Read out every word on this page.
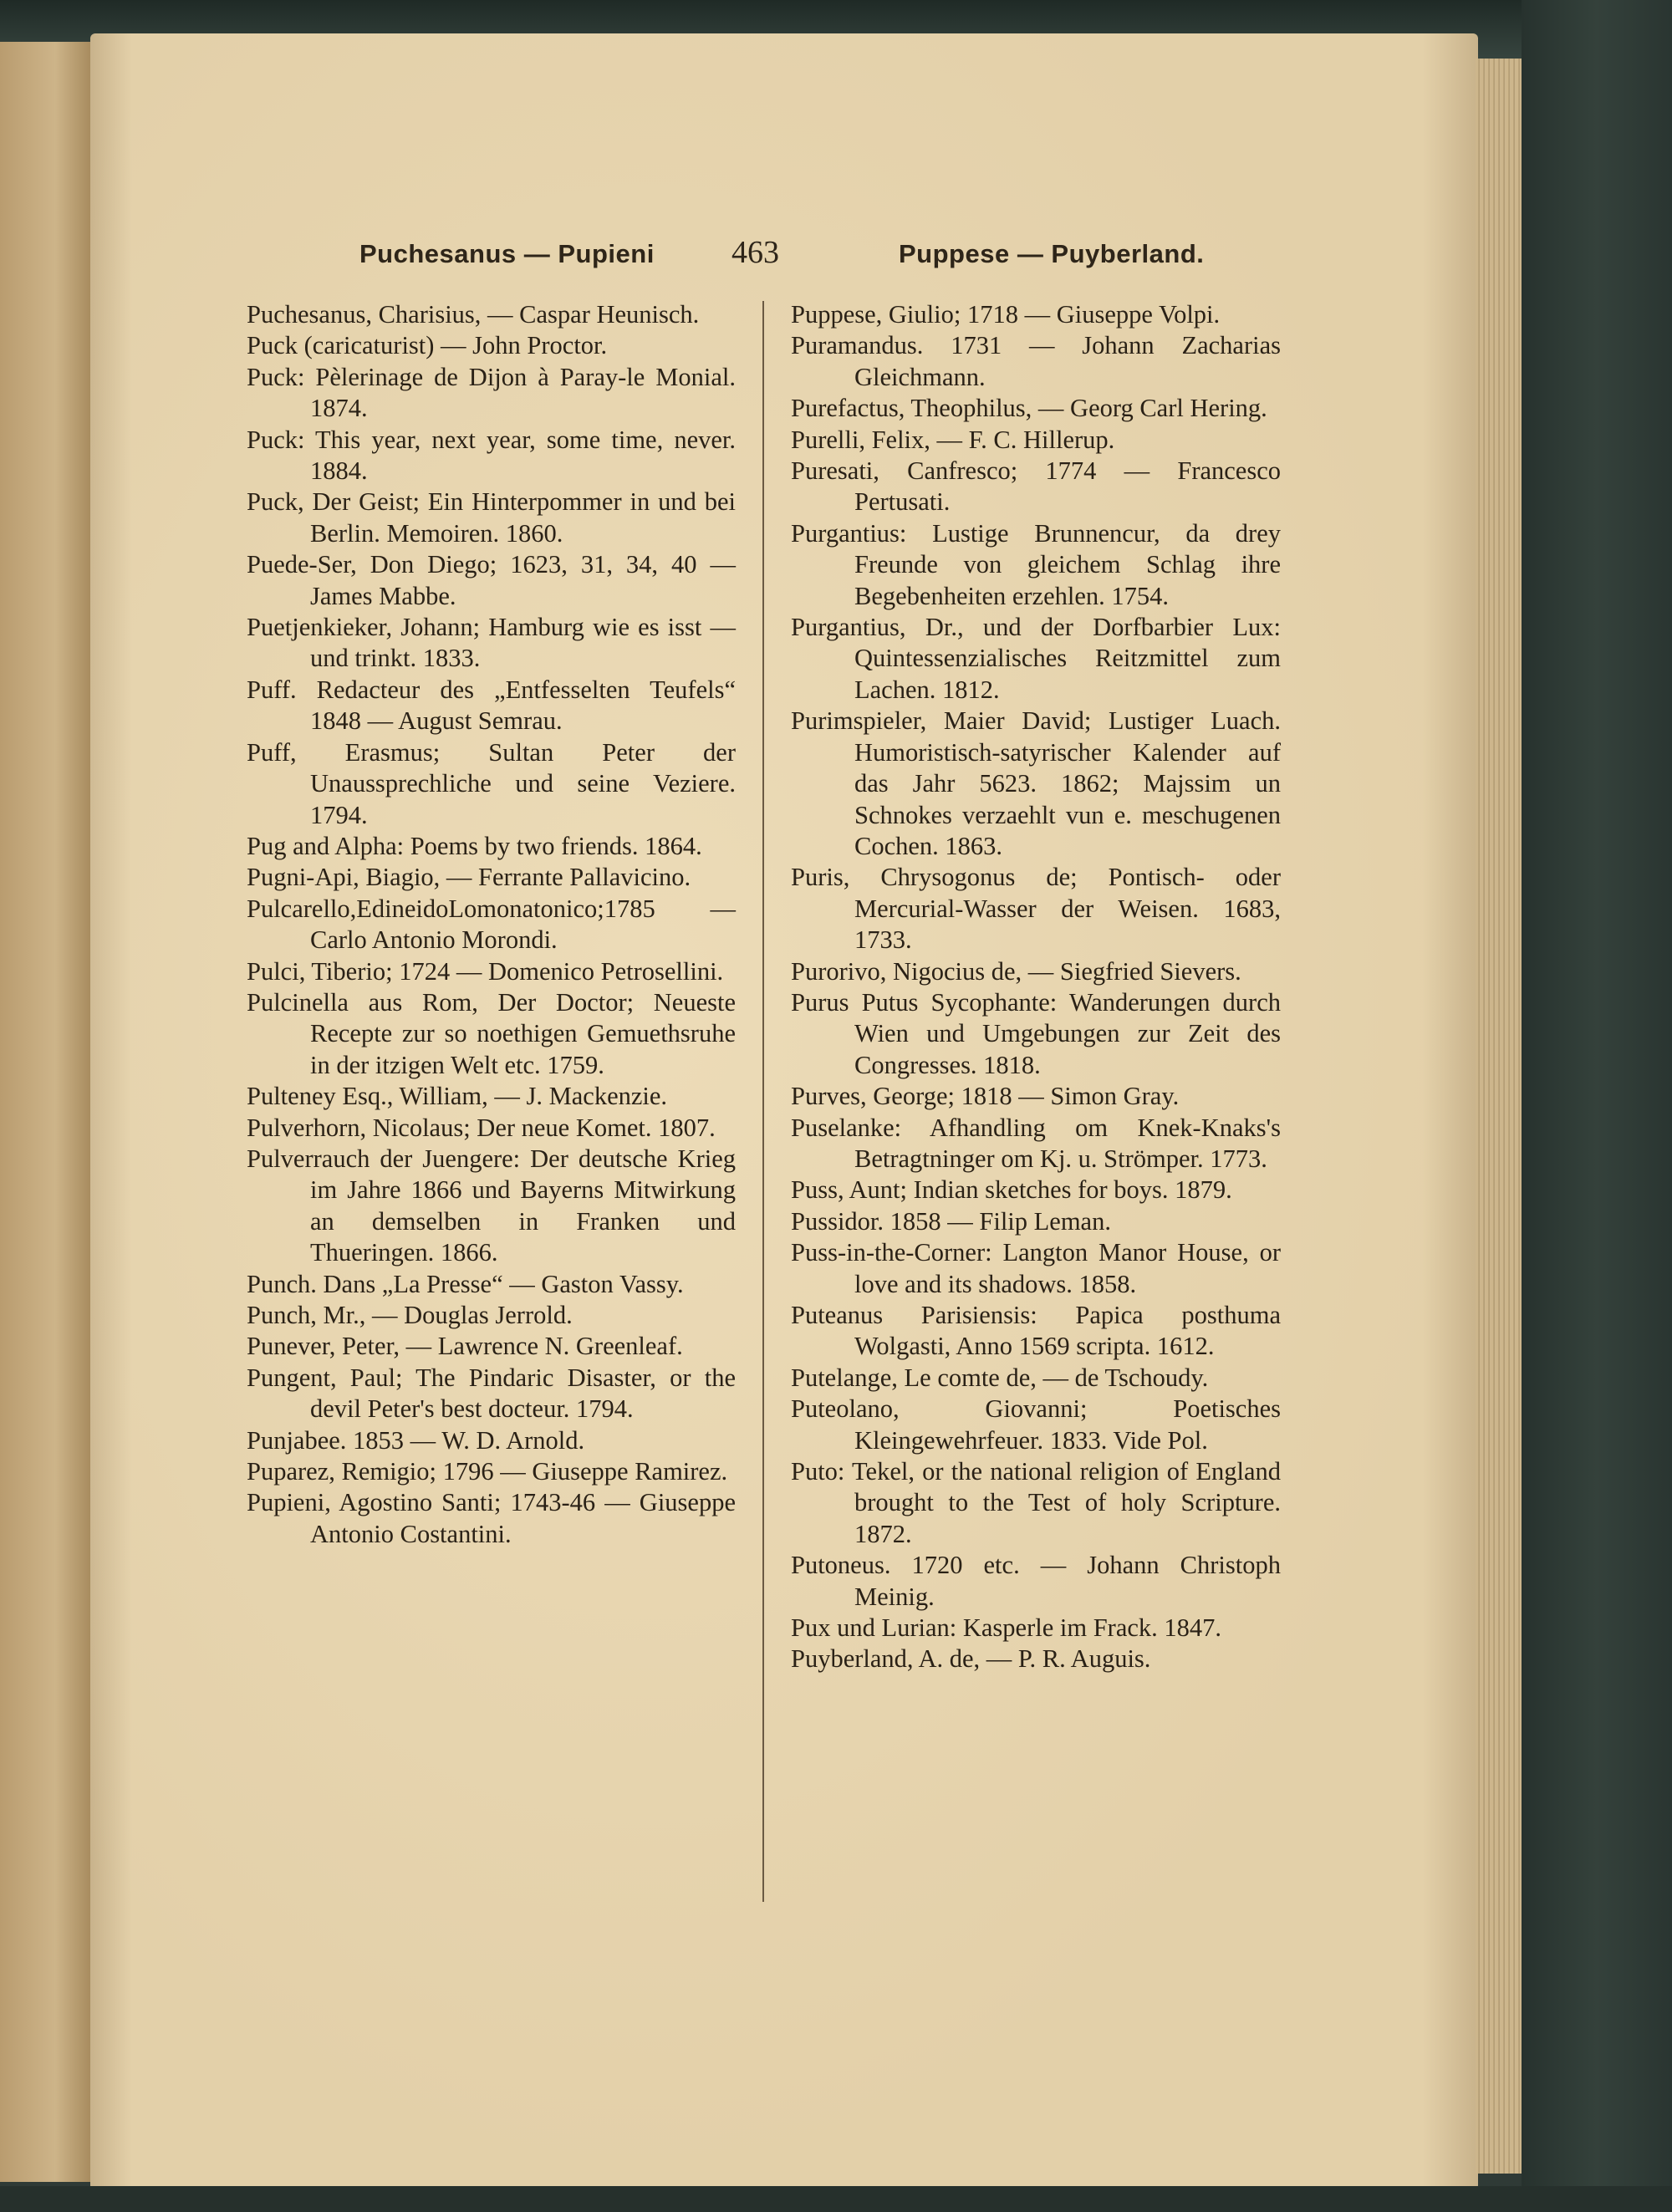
Puchesanus — Pupieni 463	Puppese — Puyberland.

Puchesanus, Charisius, — Caspar Heunisch.

Puck (caricaturist) — John Proctor.

Puck: Pèlerinage de Dijon à Paray-le Monial. 1874.

Puck: This year, next year, some time, never. 1884.

Puck, Der Geist; Ein Hinterpommer in und bei Berlin. Memoiren. 1860.

Puede-Ser, Don Diego; 1623, 31, 34, 40 — James Mabbe.

Puetjenkieker, Johann; Hamburg wie es isst — und trinkt. 1833.

Puff. Redacteur des „Entfesselten Teufels“ 1848 — August Semrau.

Puff, Erasmus; Sultan Peter der Unaussprechliche und seine Veziere. 1794.

Pug and Alpha: Poems by two friends. 1864.

Pugni-Api, Biagio, — Ferrante Pallavicino.

Pulcarello,EdineidoLomonatonico;1785 — Carlo Antonio Morondi.

Pulci, Tiberio; 1724 — Domenico Petrosellini.

Pulcinella aus Rom, Der Doctor; Neueste Recepte zur so noethigen Gemuethsruhe in der itzigen Welt etc. 1759.

Pulteney Esq., William, — J. Mackenzie.

Pulverhorn, Nicolaus; Der neue Komet. 1807.

Pulverrauch der Juengere: Der deutsche Krieg im Jahre 1866 und Bayerns Mitwirkung an demselben in Franken und Thueringen. 1866.

Punch. Dans „La Presse“ — Gaston Vassy.

Punch, Mr., — Douglas Jerrold.

Punever, Peter, — Lawrence N. Greenleaf.

Pungent, Paul; The Pindaric Disaster, or the devil Peter's best docteur. 1794.

Punjabee. 1853 — W. D. Arnold.

Puparez, Remigio; 1796 — Giuseppe Ramirez.

Pupieni, Agostino Santi; 1743-46 — Giuseppe Antonio Costantini.

Puppese, Giulio; 1718 — Giuseppe Volpi.

Puramandus. 1731 — Johann Zacharias Gleichmann.

Purefactus, Theophilus, — Georg Carl Hering.

Purelli, Felix, — F. C. Hillerup.

Puresati, Canfresco; 1774 — Francesco Pertusati.

Purgantius: Lustige Brunnencur, da drey Freunde von gleichem Schlag ihre Begebenheiten erzehlen. 1754.

Purgantius, Dr., und der Dorfbarbier Lux: Quintessenzialisches Reitzmittel zum Lachen. 1812.

Purimspieler, Maier David; Lustiger Luach. Humoristisch-satyrischer Kalender auf das Jahr 5623. 1862; Majssim un Schnokes verzaehlt vun e. meschugenen Cochen. 1863.

Puris, Chrysogonus de; Pontisch- oder Mercurial-Wasser der Weisen. 1683, 1733.

Purorivo, Nigocius de, — Siegfried Sievers.

Purus Putus Sycophante: Wanderungen durch Wien und Umgebungen zur Zeit des Congresses. 1818.

Purves, George; 1818 — Simon Gray.

Puselanke: Afhandling om Knek-Knaks's Betragtninger om Kj. u. Strömper. 1773.

Puss, Aunt; Indian sketches for boys. 1879.

Pussidor. 1858 — Filip Leman.

Puss-in-the-Corner: Langton Manor House, or love and its shadows. 1858.

Puteanus Parisiensis: Papica posthuma Wolgasti, Anno 1569 scripta. 1612.

Putelange, Le comte de, — de Tschoudy.

Puteolano, Giovanni; Poetisches Kleingewehrfeuer. 1833. Vide Pol.

Puto: Tekel, or the national religion of England brought to the Test of holy Scripture. 1872.

Putoneus. 1720 etc. — Johann Christoph Meinig.

Pux und Lurian: Kasperle im Frack. 1847.

Puyberland, A. de, — P. R. Auguis.
